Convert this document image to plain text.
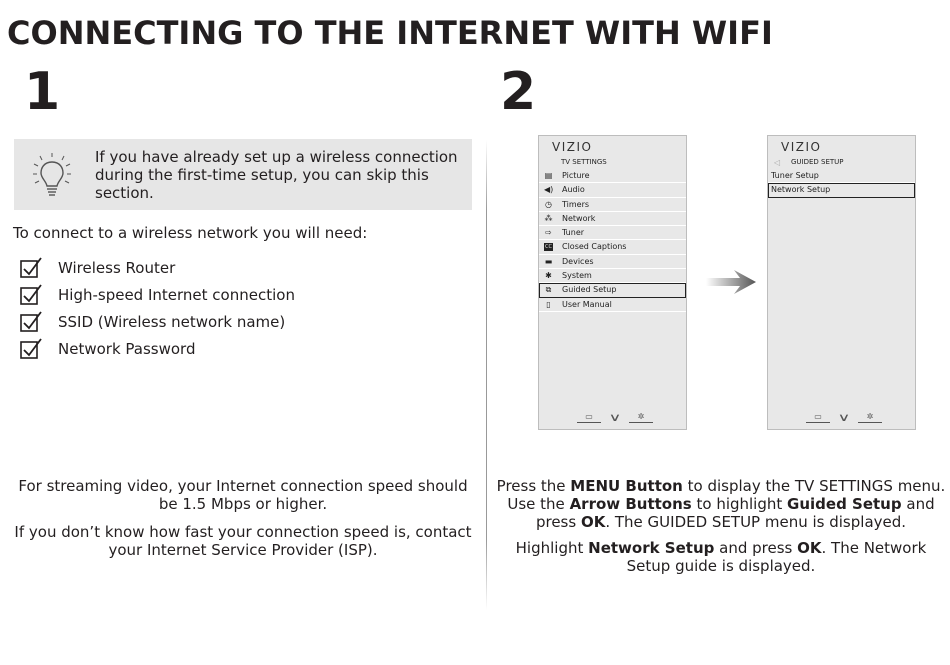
CONNECTING TO THE INTERNET WITH WIFI
1	2
If you have already set up a wireless connection during the first-time setup, you can skip this section.
To connect to a wireless network you will need:
Wireless Router
High-speed Internet connection
SSID (Wireless network name)
Network Password

For streaming video, your Internet connection speed should be 1.5 Mbps or higher.

If you don’t know how fast your connection speed is, contact your Internet Service Provider (ISP).

VIZIO
TV SETTINGS
▤ Picture
◀) Audio
◷ Timers
⁂ Network
⇨ Tuner
CC Closed Captions
▬ Devices
✱ System
⧉ Guided Setup
▯ User Manual
▭	∨	✲
VIZIO
◁ GUIDED SETUP
Tuner Setup
Network Setup
▭	∨	✲

Press the MENU Button to display the TV SETTINGS menu. Use the Arrow Buttons to highlight Guided Setup and press OK. The GUIDED SETUP menu is displayed.

Highlight Network Setup and press OK. The Network Setup guide is displayed.
